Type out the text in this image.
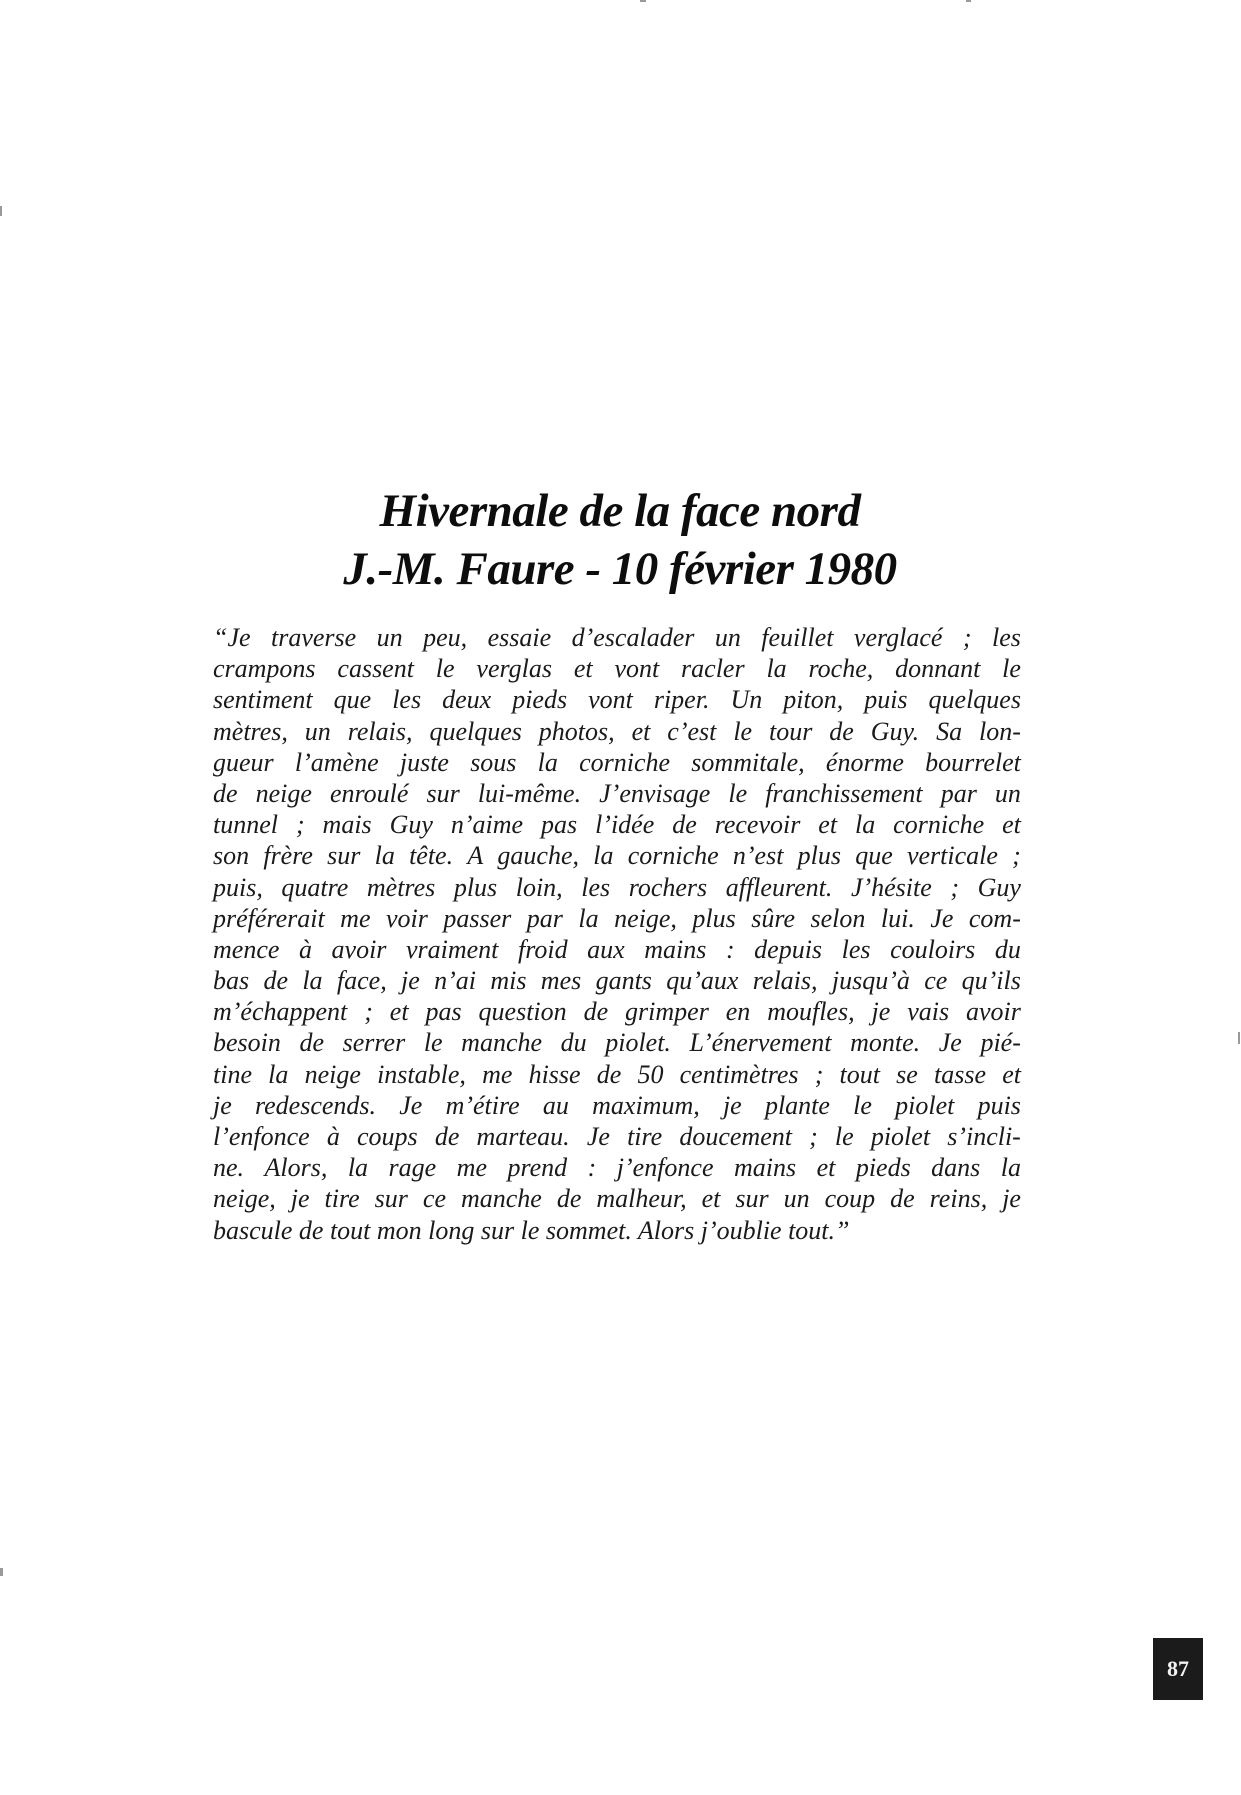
Hivernale de la face nord
J.-M. Faure - 10 février 1980
“Je traverse un peu, essaie d’escalader un feuillet verglacé ; les
crampons cassent le verglas et vont racler la roche, donnant le
sentiment que les deux pieds vont riper. Un piton, puis quelques
mètres, un relais, quelques photos, et c’est le tour de Guy. Sa lon-
gueur l’amène juste sous la corniche sommitale, énorme bourrelet
de neige enroulé sur lui-même. J’envisage le franchissement par un
tunnel ; mais Guy n’aime pas l’idée de recevoir et la corniche et
son frère sur la tête. A gauche, la corniche n’est plus que verticale ;
puis, quatre mètres plus loin, les rochers affleurent. J’hésite ; Guy
préférerait me voir passer par la neige, plus sûre selon lui. Je com-
mence à avoir vraiment froid aux mains : depuis les couloirs du
bas de la face, je n’ai mis mes gants qu’aux relais, jusqu’à ce qu’ils
m’échappent ; et pas question de grimper en moufles, je vais avoir
besoin de serrer le manche du piolet. L’énervement monte. Je pié-
tine la neige instable, me hisse de 50 centimètres ; tout se tasse et
je redescends. Je m’étire au maximum, je plante le piolet puis
l’enfonce à coups de marteau. Je tire doucement ; le piolet s’incli-
ne. Alors, la rage me prend : j’enfonce mains et pieds dans la
neige, je tire sur ce manche de malheur, et sur un coup de reins, je
bascule de tout mon long sur le sommet. Alors j’oublie tout.”
87
